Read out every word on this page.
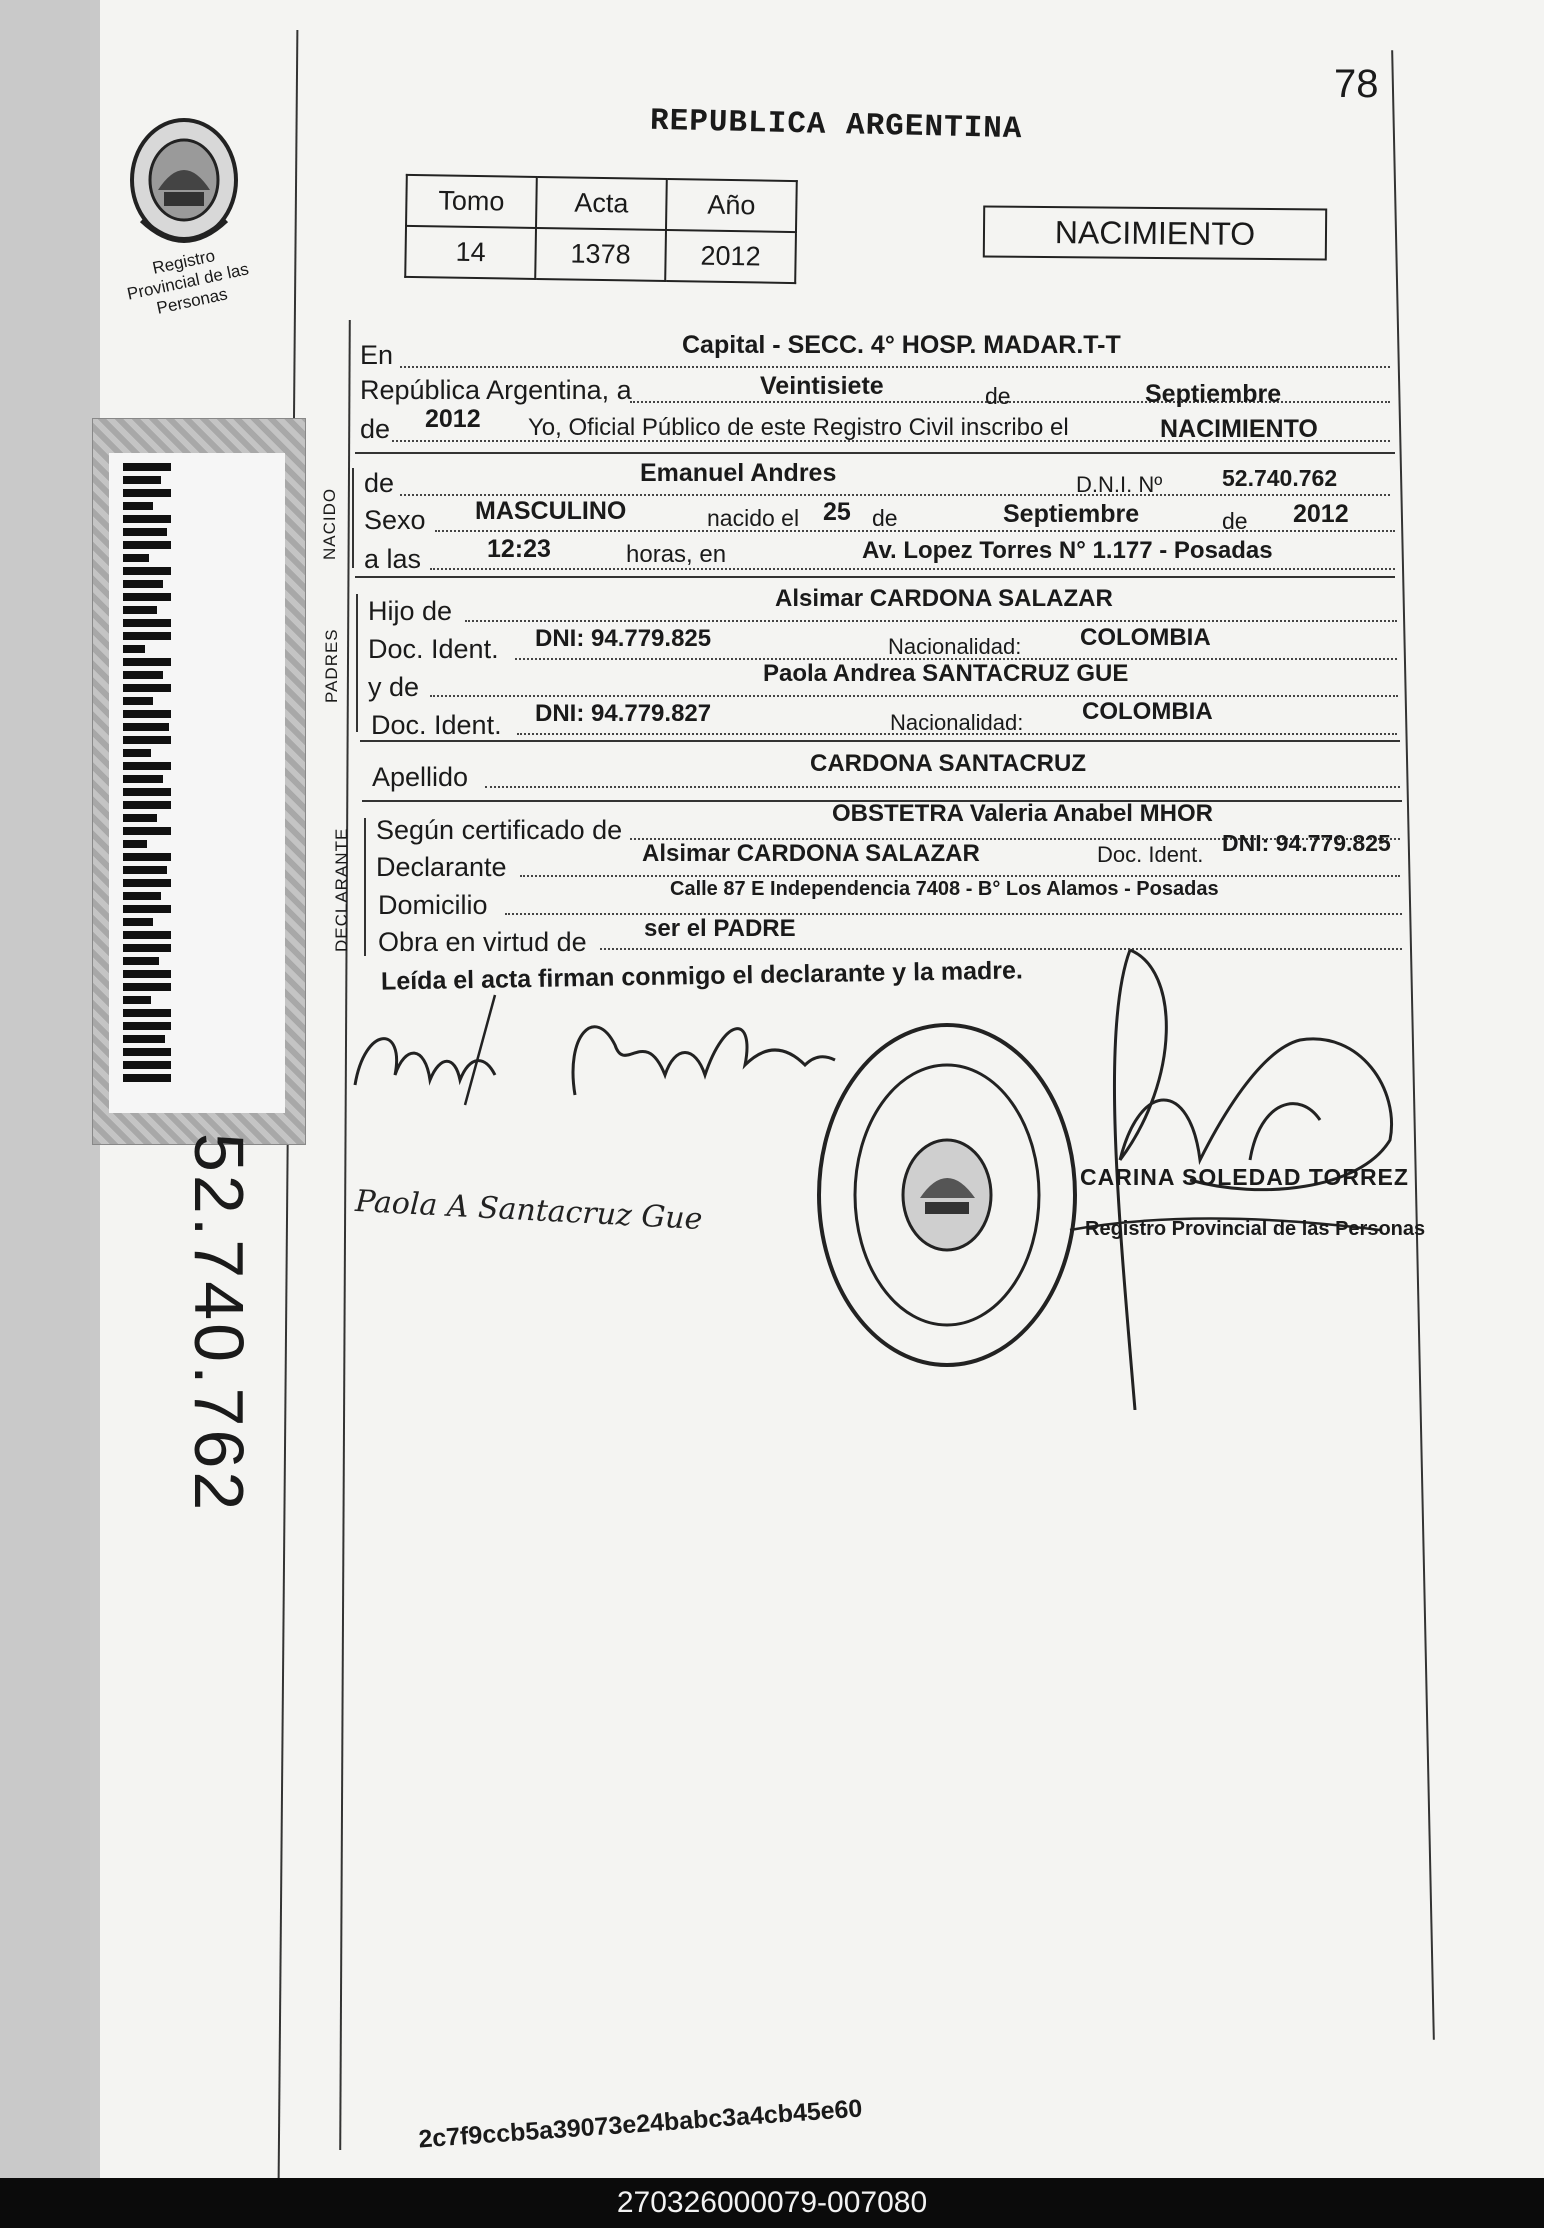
78
REPUBLICA ARGENTINA
Registro Provincial de las Personas
Tomo	Acta	Año
14	1378	2012
NACIMIENTO
52.740.762
En	Capital - SECC. 4° HOSP. MADAR.T-T
República Argentina, a	Veintisiete	de	Septiembre
de 2012 Yo, Oficial Público de este Registro Civil inscribo el	NACIMIENTO
NACIDO
de	Emanuel Andres	D.N.I. Nº	52.740.762
Sexo MASCULINO	nacido el 25 de	Septiembre	de 2012
a las	12:23	horas, en	Av. Lopez Torres N° 1.177 - Posadas
PADRES
Hijo de	Alsimar CARDONA SALAZAR
Doc. Ident. DNI: 94.779.825	Nacionalidad: COLOMBIA
y de	Paola Andrea SANTACRUZ GUE
Doc. Ident. DNI: 94.779.827	Nacionalidad: COLOMBIA
Apellido	CARDONA SANTACRUZ
DECLARANTE Según certificado de
OBSTETRA Valeria Anabel MHOR
Declarante	Alsimar CARDONA SALAZAR	Doc. Ident. DNI: 94.779.825
Domicilio
Calle 87 E Independencia 7408 - B° Los Alamos - Posadas
Obra en virtud de ser el PADRE
Leída el acta firman conmigo el declarante y la madre.
Paola A Santacruz Gue
CARINA SOLEDAD TORREZ
Registro Provincial de las Personas
2c7f9ccb5a39073e24babc3a4cb45e60
270326000079-007080
